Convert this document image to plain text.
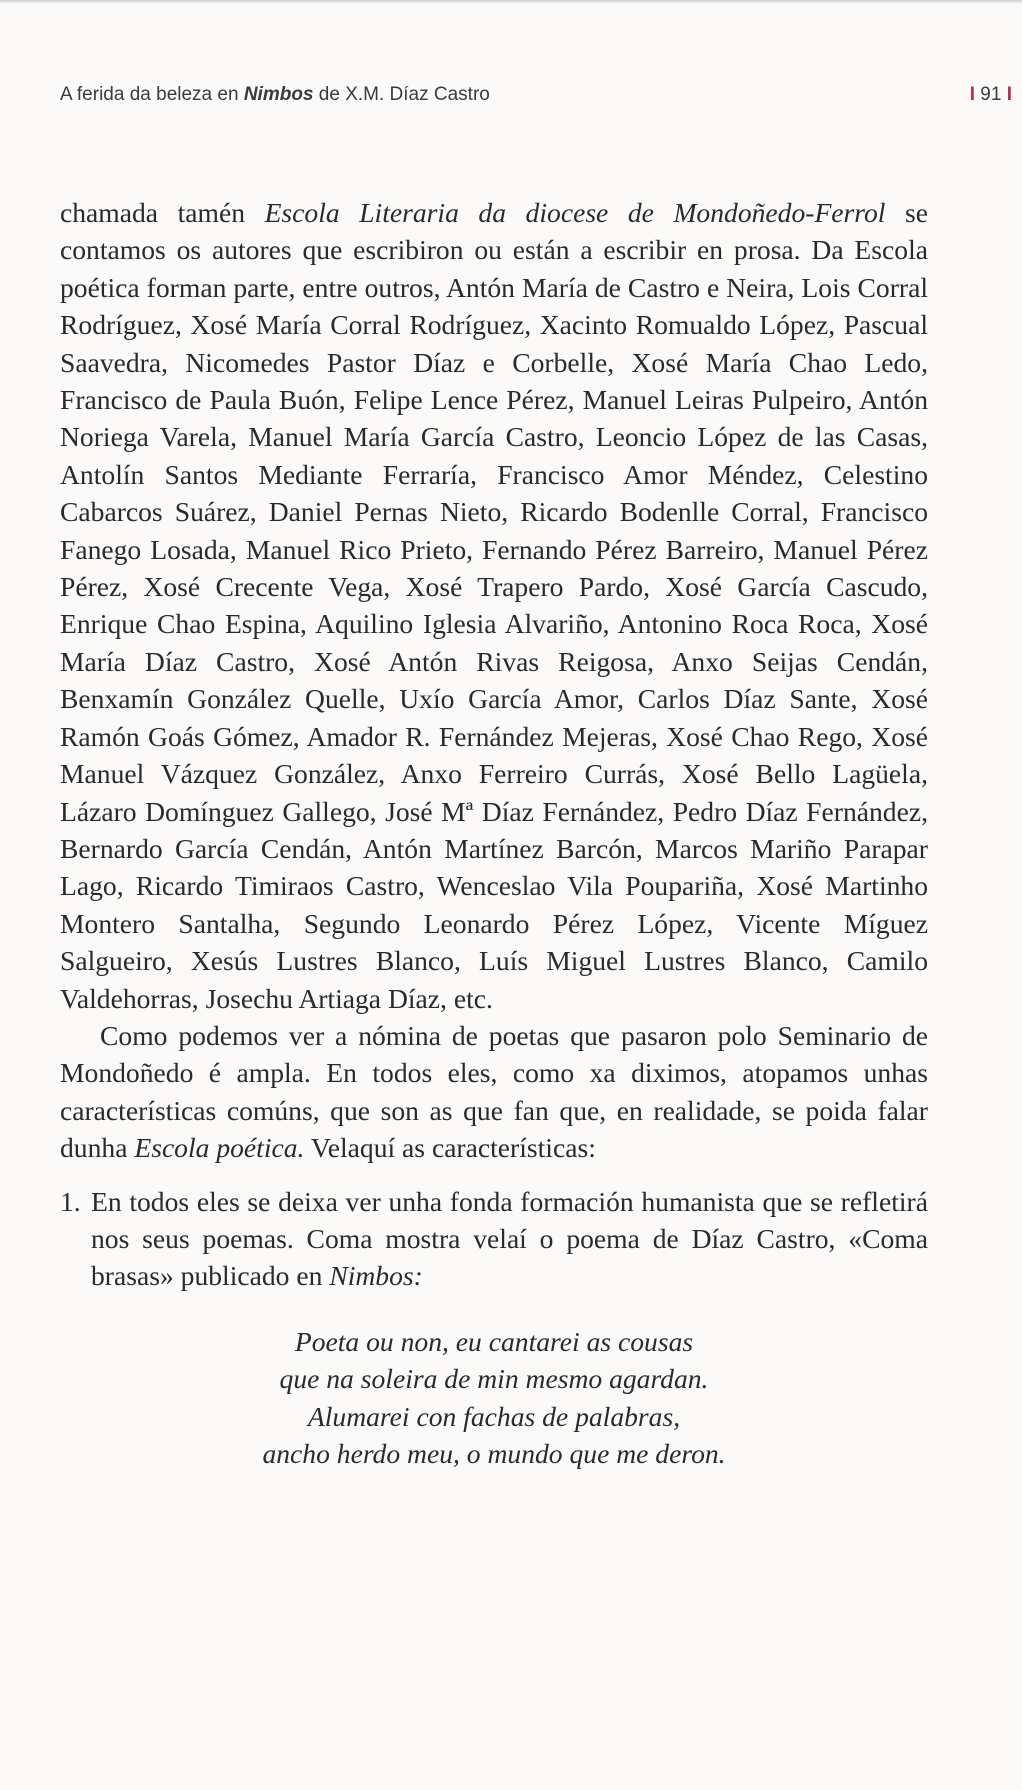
A ferida da beleza en Nimbos de X.M. Díaz Castro	I 91 I

chamada tamén Escola Literaria da diocese de Mondoñedo-Ferrol se contamos os autores que escribiron ou están a escribir en prosa. Da Escola poética forman parte, entre outros, Antón María de Castro e Neira, Lois Corral Rodríguez, Xosé María Corral Rodríguez, Xacinto Romualdo López, Pascual Saavedra, Nicomedes Pastor Díaz e Corbelle, Xosé María Chao Ledo, Francisco de Paula Buón, Felipe Lence Pérez, Manuel Leiras Pulpeiro, Antón Noriega Varela, Manuel María García Castro, Leoncio López de las Casas, Antolín Santos Mediante Ferraría, Francisco Amor Méndez, Celestino Cabarcos Suárez, Daniel Pernas Nieto, Ricardo Bodenlle Corral, Francisco Fanego Losada, Manuel Rico Prieto, Fernando Pérez Barreiro, Manuel Pérez Pérez, Xosé Crecente Vega, Xosé Trapero Pardo, Xosé García Cascudo, Enrique Chao Espina, Aquilino Iglesia Alvariño, Antonino Roca Roca, Xosé María Díaz Castro, Xosé Antón Rivas Reigosa, Anxo Seijas Cendán, Benxamín González Quelle, Uxío García Amor, Carlos Díaz Sante, Xosé Ramón Goás Gómez, Amador R. Fernández Mejeras, Xosé Chao Rego, Xosé Manuel Vázquez González, Anxo Ferreiro Currás, Xosé Bello Lagüela, Lázaro Domínguez Gallego, José Mª Díaz Fernández, Pedro Díaz Fernández, Bernardo García Cendán, Antón Martínez Barcón, Marcos Mariño Parapar Lago, Ricardo Timiraos Castro, Wenceslao Vila Poupariña, Xosé Martinho Montero Santalha, Segundo Leonardo Pérez López, Vicente Míguez Salgueiro, Xesús Lustres Blanco, Luís Miguel Lustres Blanco, Camilo Valdehorras, Josechu Artiaga Díaz, etc.

Como podemos ver a nómina de poetas que pasaron polo Seminario de Mondoñedo é ampla. En todos eles, como xa diximos, atopamos unhas características comúns, que son as que fan que, en realidade, se poida falar dunha Escola poética. Velaquí as características:

1. En todos eles se deixa ver unha fonda formación humanista que se refletirá nos seus poemas. Coma mostra velaí o poema de Díaz Castro, «Coma brasas» publicado en Nimbos:
Poeta ou non, eu cantarei as cousas
que na soleira de min mesmo agardan.
Alumarei con fachas de palabras,
ancho herdo meu, o mundo que me deron.
